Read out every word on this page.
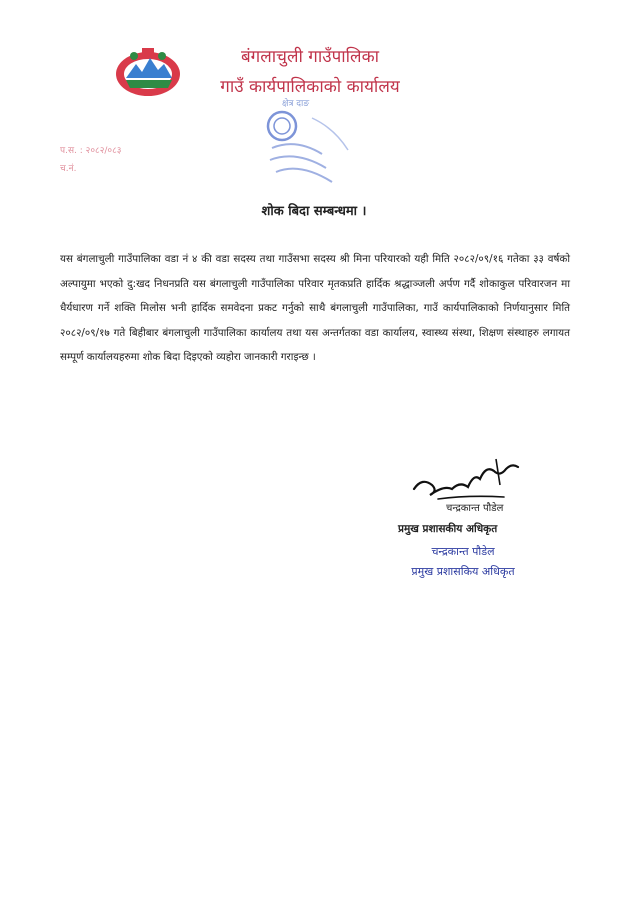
बंगलाचुली गाउँपालिका
गाउँ कार्यपालिकाको कार्यालय
क्षेत्र दाङ
प.स. : २०८२/०८३
च.नं.
शोक बिदा सम्बन्धमा ।
यस बंगलाचुली गाउँपालिका वडा नं ४ की वडा सदस्य तथा गाउँसभा सदस्य श्री मिना परियारको यही मिति २०८२/०९/१६ गतेका ३३ वर्षको अल्पायुमा भएको दु:खद निधनप्रति यस बंगलाचुली गाउँपालिका परिवार मृतकप्रति हार्दिक श्रद्धाञ्जली अर्पण गर्दै शोकाकुल परिवारजन मा धैर्यधारण गर्ने शक्ति मिलोस भनी हार्दिक समवेदना प्रकट गर्नुको साथै बंगलाचुली गाउँपालिका, गाउँ कार्यपालिकाको निर्णयानुसार मिति २०८२/०९/१७ गते बिहीबार बंगलाचुली गाउँपालिका कार्यालय तथा यस अन्तर्गतका वडा कार्यालय, स्वास्थ्य संस्था, शिक्षण संस्थाहरु लगायत सम्पूर्ण कार्यालयहरुमा शोक बिदा दिइएको व्यहोरा जानकारी गराइन्छ ।
चन्द्रकान्त पौडेल
प्रमुख प्रशासकीय अधिकृत
चन्द्रकान्त पौडेल
प्रमुख प्रशासकिय अधिकृत
